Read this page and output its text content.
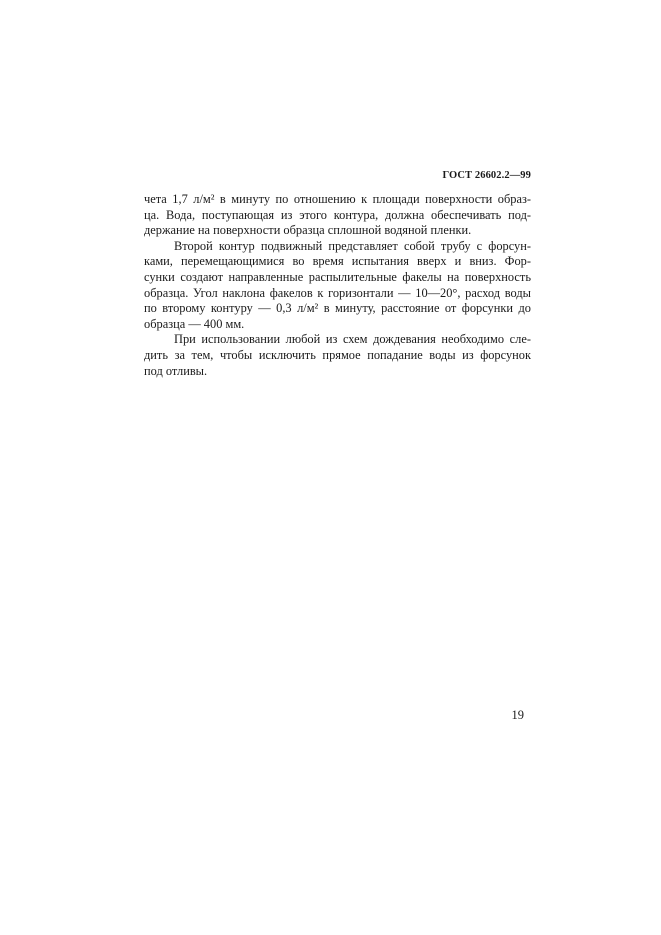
ГОСТ 26602.2—99
чета 1,7 л/м² в минуту по отношению к площади поверхности образ-
ца. Вода, поступающая из этого контура, должна обеспечивать под-
держание на поверхности образца сплошной водяной пленки.
Второй контур подвижный представляет собой трубу с форсун-
ками, перемещающимися во время испытания вверх и вниз. Фор-
сунки создают направленные распылительные факелы на поверхность
образца. Угол наклона факелов к горизонтали — 10—20°, расход воды
по второму контуру — 0,3 л/м² в минуту, расстояние от форсунки до
образца — 400 мм.
При использовании любой из схем дождевания необходимо сле-
дить за тем, чтобы исключить прямое попадание воды из форсунок
под отливы.
19
